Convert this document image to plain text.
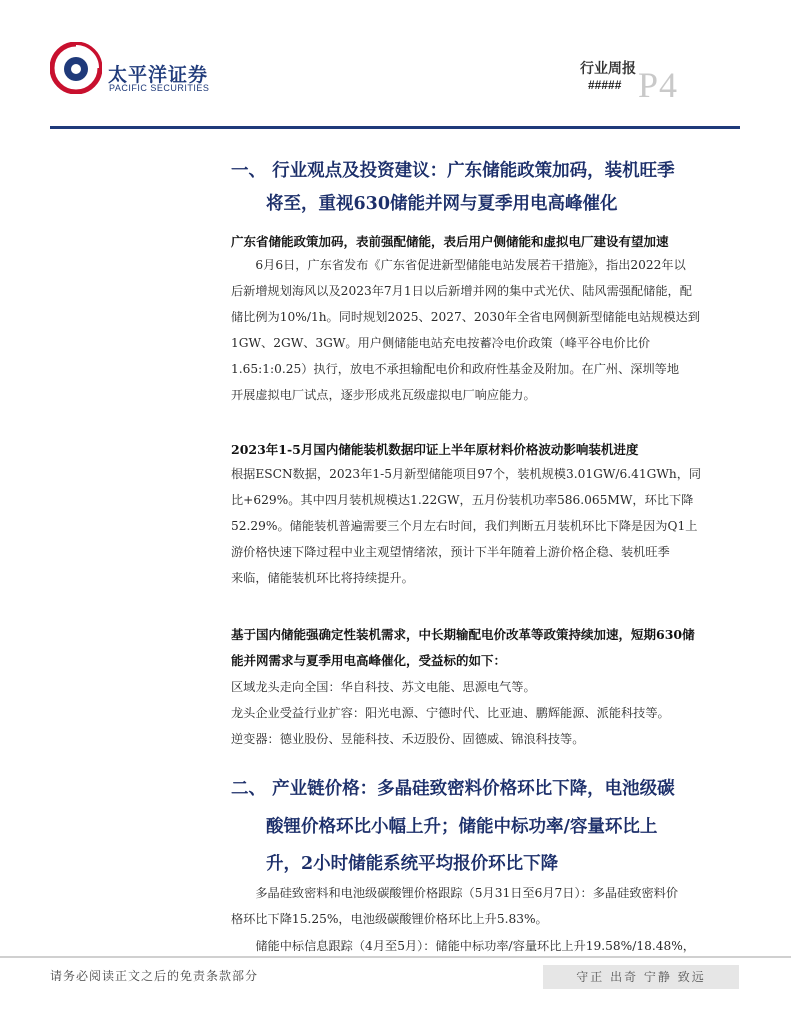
太平洋证券
PACIFIC SECURITIES
行业周报
##### P4
一、 行业观点及投资建议：广东储能政策加码，装机旺季
将至，重视630储能并网与夏季用电高峰催化
广东省储能政策加码，表前强配储能，表后用户侧储能和虚拟电厂建设有望加速
　　6月6日，广东省发布《广东省促进新型储能电站发展若干措施》，指出2022年以
后新增规划海风以及2023年7月1日以后新增并网的集中式光伏、陆风需强配储能，配
储比例为10%/1h。同时规划2025、2027、2030年全省电网侧新型储能电站规模达到
1GW、2GW、3GW。用户侧储能电站充电按蓄冷电价政策（峰平谷电价比价
1.65:1:0.25）执行，放电不承担输配电价和政府性基金及附加。在广州、深圳等地
开展虚拟电厂试点，逐步形成兆瓦级虚拟电厂响应能力。
2023年1-5月国内储能装机数据印证上半年原材料价格波动影响装机进度
根据ESCN数据，2023年1-5月新型储能项目97个，装机规模3.01GW/6.41GWh，同
比+629%。其中四月装机规模达1.22GW，五月份装机功率586.065MW，环比下降
52.29%。储能装机普遍需要三个月左右时间，我们判断五月装机环比下降是因为Q1上
游价格快速下降过程中业主观望情绪浓，预计下半年随着上游价格企稳、装机旺季
来临，储能装机环比将持续提升。
基于国内储能强确定性装机需求，中长期输配电价改革等政策持续加速，短期630储
能并网需求与夏季用电高峰催化，受益标的如下：
区域龙头走向全国：华自科技、苏文电能、思源电气等。
龙头企业受益行业扩容：阳光电源、宁德时代、比亚迪、鹏辉能源、派能科技等。
逆变器：德业股份、昱能科技、禾迈股份、固德威、锦浪科技等。
二、 产业链价格：多晶硅致密料价格环比下降，电池级碳
酸锂价格环比小幅上升；储能中标功率/容量环比上
升，2小时储能系统平均报价环比下降
　　多晶硅致密料和电池级碳酸锂价格跟踪（5月31日至6月7日）：多晶硅致密料价
格环比下降15.25%，电池级碳酸锂价格环比上升5.83%。
　　储能中标信息跟踪（4月至5月）：储能中标功率/容量环比上升19.58%/18.48%，
请务必阅读正文之后的免责条款部分	守正 出奇 宁静 致远
